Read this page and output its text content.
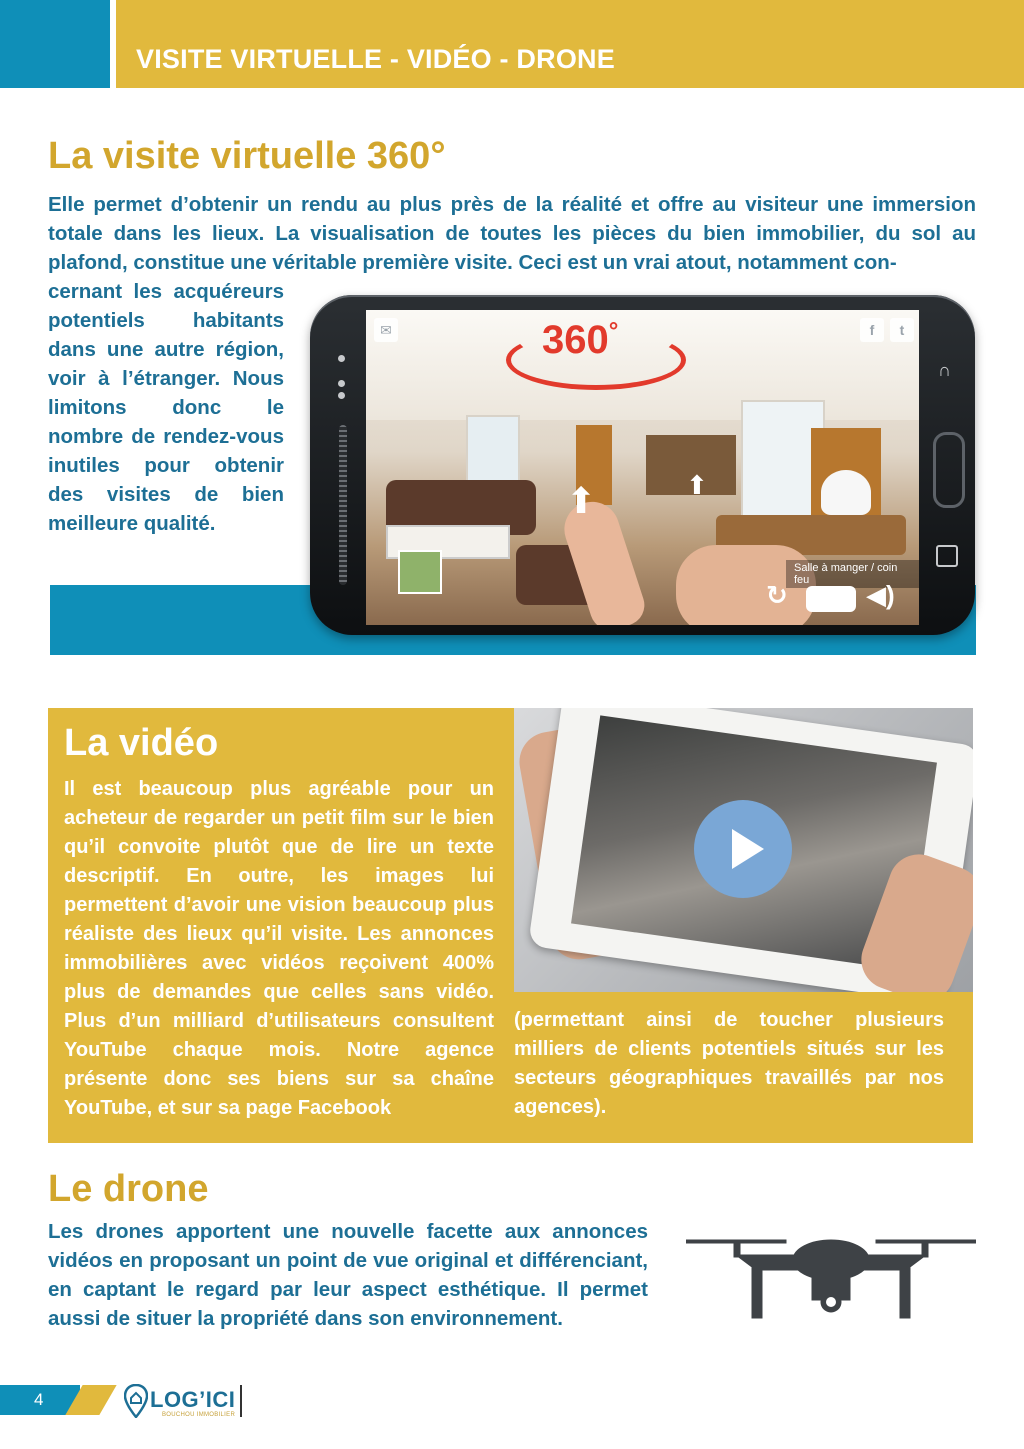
VISITE VIRTUELLE - VIDÉO - DRONE
La visite virtuelle 360°
Elle permet d’obtenir un rendu au plus près de la réalité et offre au visiteur une immersion totale dans les lieux. La visualisation de toutes les pièces du bien immobilier, du sol au plafond, constitue une véritable première visite. Ceci est un vrai atout, notamment con-
cernant les acquéreurs potentiels habitants dans une autre région, voir à l’étranger. Nous limitons donc le nombre de rendez-vous inutiles pour obtenir des visites de bien meilleure qualité.
∩
✉	f	t
360°
⬆	⬆
Salle à manger / coin feu
↻	◀)
La vidéo
Il est beaucoup plus agréable pour un acheteur de regarder un petit film sur le bien qu’il convoite plutôt que de lire un texte descriptif. En outre, les images lui permettent d’avoir une vision beaucoup plus réaliste des lieux qu’il visite. Les annonces immobilières avec vidéos reçoivent 400% plus de demandes que celles sans vidéo. Plus d’un milliard d’utilisateurs consultent YouTube chaque mois. Notre agence présente donc ses biens sur sa chaîne YouTube, et sur sa page Facebook
(permettant ainsi de toucher plusieurs milliers de clients potentiels situés sur les secteurs géographiques travaillés par nos agences).
Le drone
Les drones apportent une nouvelle facette aux annonces vidéos en proposant un point de vue original et différenciant, en captant le regard par leur aspect esthétique. Il permet aussi de situer la propriété dans son environnement.
4	LOG’ICI
BOUCHOU IMMOBILIER
